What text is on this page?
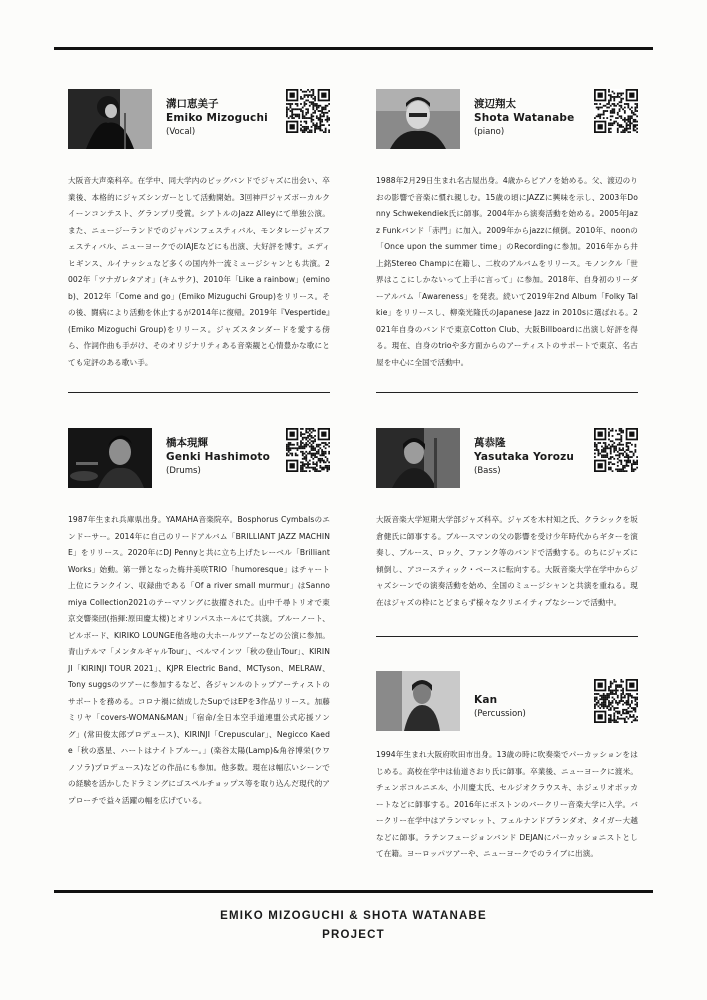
溝口恵美子
Emiko Mizoguchi
(Vocal)
大阪音大声楽科卒。在学中、同大学内のビッグバンドでジャズに出会い、卒業後、本格的にジャズシンガーとして活動開始。3回神戸ジャズボーカルクイーンコンテスト、グランプリ受賞。シアトルのJazz Alleyにて単独公演。また、ニュージーランドでのジャパンフェスティバル、モンタレージャズフェスティバル、ニューヨークでのIAJEなどにも出演、大好評を博す。エディヒギンス、ルイナッシュなど多くの国内外一流ミュージシャンとも共演。2002年「ツナガレタアオ」(キムサク)、2010年「Like a rainbow」(eminob)、2012年「Come and go」(Emiko Mizuguchi Group)をリリース。その後、闘病により活動を休止するが2014年に復帰。2019年『Vespertide』(Emiko Mizoguchi Group)をリリース。ジャズスタンダードを愛する傍ら、作詞作曲も手がけ、そのオリジナリティある音楽観と心情豊かな歌にとても定評のある歌い手。
渡辺翔太
Shota Watanabe
(piano)
1988年2月29日生まれ名古屋出身。4歳からピアノを始める。父、渡辺のりおの影響で音楽に慣れ親しむ。15歳の頃にJAZZに興味を示し、2003年Donny Schwekendiek氏に師事。2004年から演奏活動を始める。2005年Jazz Funkバンド「赤門」に加入。2009年からjazzに傾倒。2010年、noonの「Once upon the summer time」のRecordingに参加。2016年から井上銘Stereo Champに在籍し、二枚のアルバムをリリース。モノンクル「世界はここにしかないって上手に言って」に参加。2018年、自身初のリーダーアルバム「Awareness」を発表。続いて2019年2nd Album「Folky Talkie」をリリースし、柳楽光隆氏のJapanese Jazz in 2010sに選ばれる。2021年自身のバンドで東京Cotton Club、大阪Billboardに出演し好評を得る。現在、自身のtrioや多方面からのアーティストのサポートで東京、名古屋を中心に全国で活動中。
橋本現輝
Genki Hashimoto
(Drums)
1987年生まれ兵庫県出身。YAMAHA音楽院卒。Bosphorus Cymbalsのエンドーサー。2014年に自己のリードアルバム「BRILLIANT JAZZ MACHINE」をリリース。2020年にDJ Pennyと共に立ち上げたレーベル「Brilliant Works」始動。第一弾となった梅井美咲TRIO「humoresque」はチャート上位にランクイン、収録曲である「Of a river small murmur」はSannomiya Collection2021のテーマソングに抜擢された。山中千尋トリオで東京交響楽団(指揮:原田慶太楼)とオリンパスホールにて共演。ブルーノート、ビルボード、KIRIKO LOUNGE他各地の大ホールツアーなどの公演に参加。青山テルマ「メンタルギャルTour」、ベルマインツ「秋の登山Tour」、KIRINJI「KIRINJI TOUR 2021」、KJPR Electric Band、MCTyson、MELRAW、Tony suggsのツアーに参加するなど、各ジャンルのトップアーティストのサポートを務める。コロナ禍に結成したSupではEPを3作品リリース。加藤ミリヤ「covers-WOMAN&MAN」「宿命/全日本空手道連盟公式応援ソング」(常田俊太郎プロデュース)、KIRINJI「Crepuscular」、Negicco Kaede「秋の惑星、ハートはナイトブルー。」(楽谷太陽(Lamp)&角谷博栄(ウワノソラ)プロデュース)などの作品にも参加。他多数。現在は幅広いシーンでの経験を活かしたドラミングにゴスペルチョップス等を取り込んだ現代的アプローチで益々活躍の幅を広げている。
萬恭隆
Yasutaka Yorozu
(Bass)
大阪音楽大学短期大学部ジャズ科卒。ジャズを木村知之氏、クラシックを坂倉健氏に師事する。ブルースマンの父の影響を受け少年時代からギターを演奏し、ブルース、ロック、ファンク等のバンドで活動する。のちにジャズに傾倒し、アコースティック・ベースに転向する。大阪音楽大学在学中からジャズシーンでの演奏活動を始め、全国のミュージシャンと共演を重ねる。現在はジャズの枠にとどまらず様々なクリエイティブなシーンで活動中。
Kan
(Percussion)
1994年生まれ大阪府吹田市出身。13歳の時に吹奏楽でパーカッションをはじめる。高校在学中は仙道さおり氏に師事。卒業後、ニューヨークに渡米。チェンボコルニエル、小川慶太氏、セルジオクラウスキ、ホジェリオボッカートなどに師事する。2016年にボストンのバークリー音楽大学に入学。バークリー在学中はアランマレット、フェルナンドブランダオ、タイガー大越などに師事。ラテンフュージョンバンド DEJANにパーカッショニストとして在籍。ヨーロッパツアーや、ニューヨークでのライブに出演。
EMIKO MIZOGUCHI & SHOTA WATANABE
PROJECT
